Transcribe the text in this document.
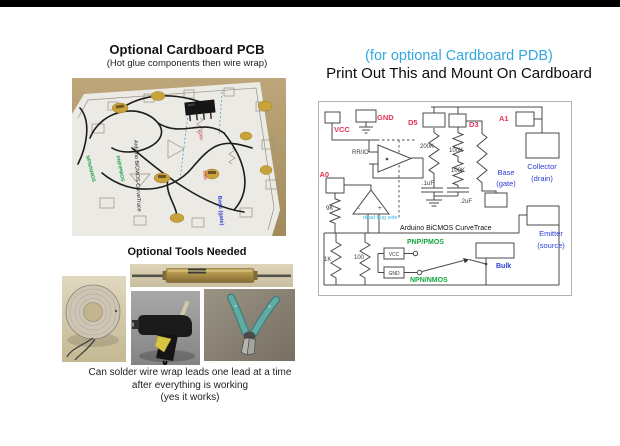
Optional Cardboard PCB
(Hot glue components then wire wrap)
Arduino BiCMOS CurveTrace
NPN/NMOS	PNP/PMOS
Base (gate)
200K
100K
Optional Tools Needed
Can solder wire wrap leads one lead at a time
after everything is working
(yes it works)
(for optional Cardboard PDB)
Print Out This and Mount On Cardboard
VCC
GND
D5	D3
A1
A0
RR/IO
-	+
200K
100K
100K
9K
1K	100
.1uF
.2uF
VCC
GND
PNP/PMOS
NPN/NMOS
Collector
(drain)
Base
(gate)
Emitter
(source)
Bulk
dead bug side
Arduino BiCMOS CurveTrace
